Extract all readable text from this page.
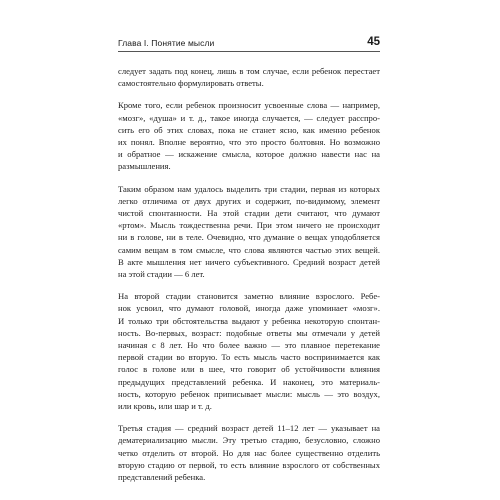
Глава I. Понятие мысли	45

следует задать под конец, лишь в том случае, если ребенок перестает
самостоятельно формулировать ответы.

Кроме того, если ребенок произносит усвоенные слова — например,
«мозг», «душа» и т. д., такое иногда случается, — следует расспро-
сить его об этих словах, пока не станет ясно, как именно ребенок
их понял. Вполне вероятно, что это просто болтовня. Но возможно
и обратное — искажение смысла, которое должно навести нас на
размышления.

Таким образом нам удалось выделить три стадии, первая из которых
легко отличима от двух других и содержит, по-видимому, элемент
чистой спонтанности. На этой стадии дети считают, что думают
«ртом». Мысль тождественна речи. При этом ничего не происходит
ни в голове, ни в теле. Очевидно, что думание о вещах уподобляется
самим вещам в том смысле, что слова являются частью этих вещей.
В акте мышления нет ничего субъективного. Средний возраст детей
на этой стадии — 6 лет.

На второй стадии становится заметно влияние взрослого. Ребе-
нок усвоил, что думают головой, иногда даже упоминает «мозг».
И только три обстоятельства выдают у ребенка некоторую спонтан-
ность. Во-первых, возраст: подобные ответы мы отмечали у детей
начиная с 8 лет. Но что более важно — это плавное перетекание
первой стадии во вторую. То есть мысль часто воспринимается как
голос в голове или в шее, что говорит об устойчивости влияния
предыдущих представлений ребенка. И наконец, это материаль-
ность, которую ребенок приписывает мысли: мысль — это воздух,
или кровь, или шар и т. д.

Третья стадия — средний возраст детей 11–12 лет — указывает на
дематериализацию мысли. Эту третью стадию, безусловно, сложно
четко отделить от второй. Но для нас более существенно отделить
вторую стадию от первой, то есть влияние взрослого от собственных
представлений ребенка.
